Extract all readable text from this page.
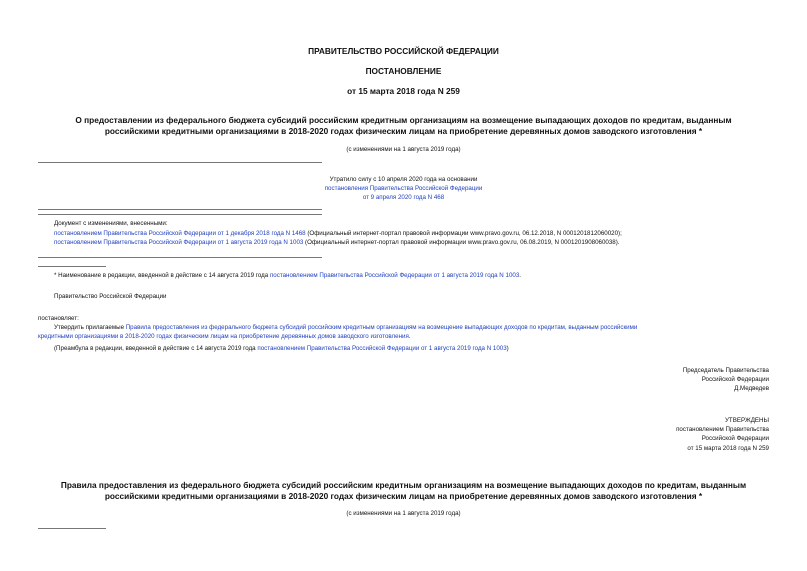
ПРАВИТЕЛЬСТВО РОССИЙСКОЙ ФЕДЕРАЦИИ
ПОСТАНОВЛЕНИЕ
от 15 марта 2018 года N 259
О предоставлении из федерального бюджета субсидий российским кредитным организациям на возмещение выпадающих доходов по кредитам, выданным
российскими кредитными организациями в 2018-2020 годах физическим лицам на приобретение деревянных домов заводского изготовления *
(с изменениями на 1 августа 2019 года)
Утратило силу с 10 апреля 2020 года на основании
постановления Правительства Российской Федерации
от 9 апреля 2020 года N 468
Документ с изменениями, внесенными:
постановлением Правительства Российской Федерации от 1 декабря 2018 года N 1468 (Официальный интернет-портал правовой информации www.pravo.gov.ru, 06.12.2018, N 0001201812060020);
постановлением Правительства Российской Федерации от 1 августа 2019 года N 1003 (Официальный интернет-портал правовой информации www.pravo.gov.ru, 06.08.2019, N 0001201908060038).
* Наименование в редакции, введенной в действие с 14 августа 2019 года постановлением Правительства Российской Федерации от 1 августа 2019 года N 1003.
Правительство Российской Федерации
постановляет:
Утвердить прилагаемые Правила предоставления из федерального бюджета субсидий российским кредитным организациям на возмещение выпадающих доходов по кредитам, выданным российскими
кредитными организациями в 2018-2020 годах физическим лицам на приобретение деревянных домов заводского изготовления.
(Преамбула в редакции, введенной в действие с 14 августа 2019 года постановлением Правительства Российской Федерации от 1 августа 2019 года N 1003)
Председатель Правительства
Российской Федерации
Д.Медведев
УТВЕРЖДЕНЫ
постановлением Правительства
Российской Федерации
от 15 марта 2018 года N 259
Правила предоставления из федерального бюджета субсидий российским кредитным организациям на возмещение выпадающих доходов по кредитам, выданным
российскими кредитными организациями в 2018-2020 годах физическим лицам на приобретение деревянных домов заводского изготовления *
(с изменениями на 1 августа 2019 года)
